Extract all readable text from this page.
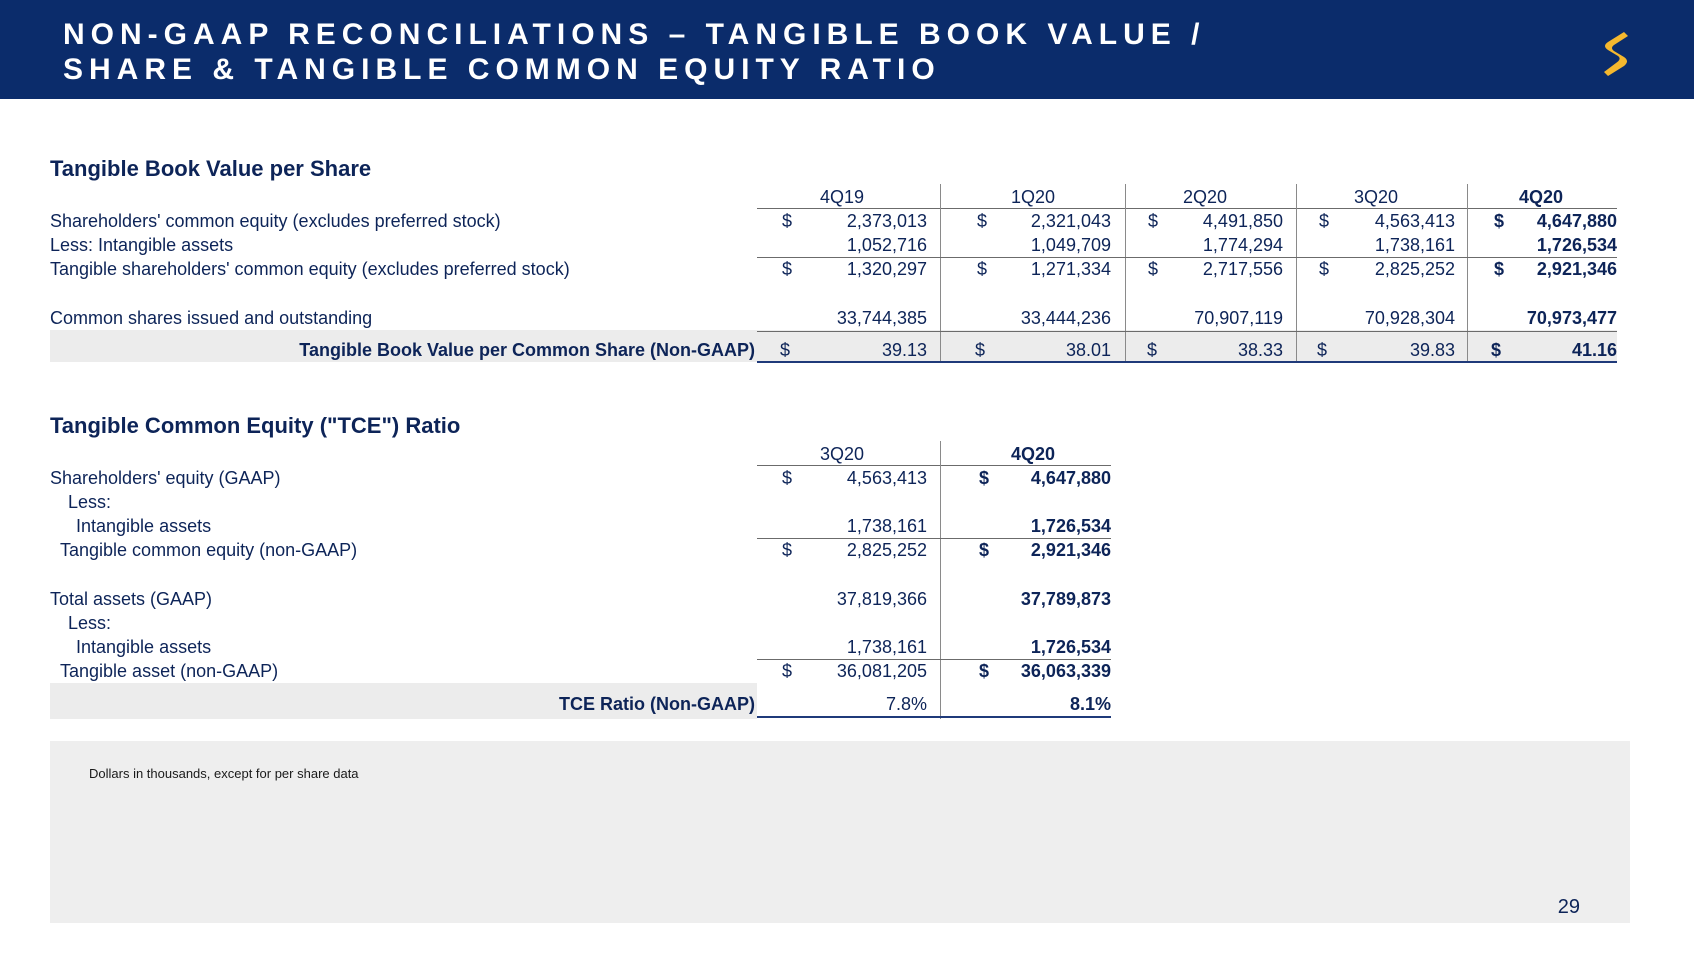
NON-GAAP RECONCILIATIONS – TANGIBLE BOOK VALUE /
SHARE & TANGIBLE COMMON EQUITY RATIO
Tangible Book Value per Share
4Q19	1Q20	2Q20	3Q20	4Q20
Shareholders' common equity (excludes preferred stock)	$	2,373,013	$	2,321,043 $	4,491,850 $	4,563,413 $	4,647,880
Less: Intangible assets	1,052,716	1,049,709	1,774,294	1,738,161	1,726,534
Tangible shareholders' common equity (excludes preferred stock)	$	1,320,297	$	1,271,334 $	2,717,556 $	2,825,252 $	2,921,346
Common shares issued and outstanding	33,744,385	33,444,236	70,907,119	70,928,304	70,973,477
Tangible Book Value per Common Share (Non-GAAP) $	39.13	$	38.01 $	38.33 $	39.83 $	41.16
Tangible Common Equity ("TCE") Ratio
3Q20	4Q20
Shareholders' equity (GAAP)	$	4,563,413	$	4,647,880
Less:
Intangible assets	1,738,161	1,726,534
Tangible common equity (non-GAAP)	$	2,825,252	$	2,921,346
Total assets (GAAP)	37,819,366	37,789,873
Less:
Intangible assets	1,738,161	1,726,534
Tangible asset (non-GAAP)	$	36,081,205	$	36,063,339
TCE Ratio (Non-GAAP)	7.8%	8.1%
Dollars in thousands, except for per share data
29
